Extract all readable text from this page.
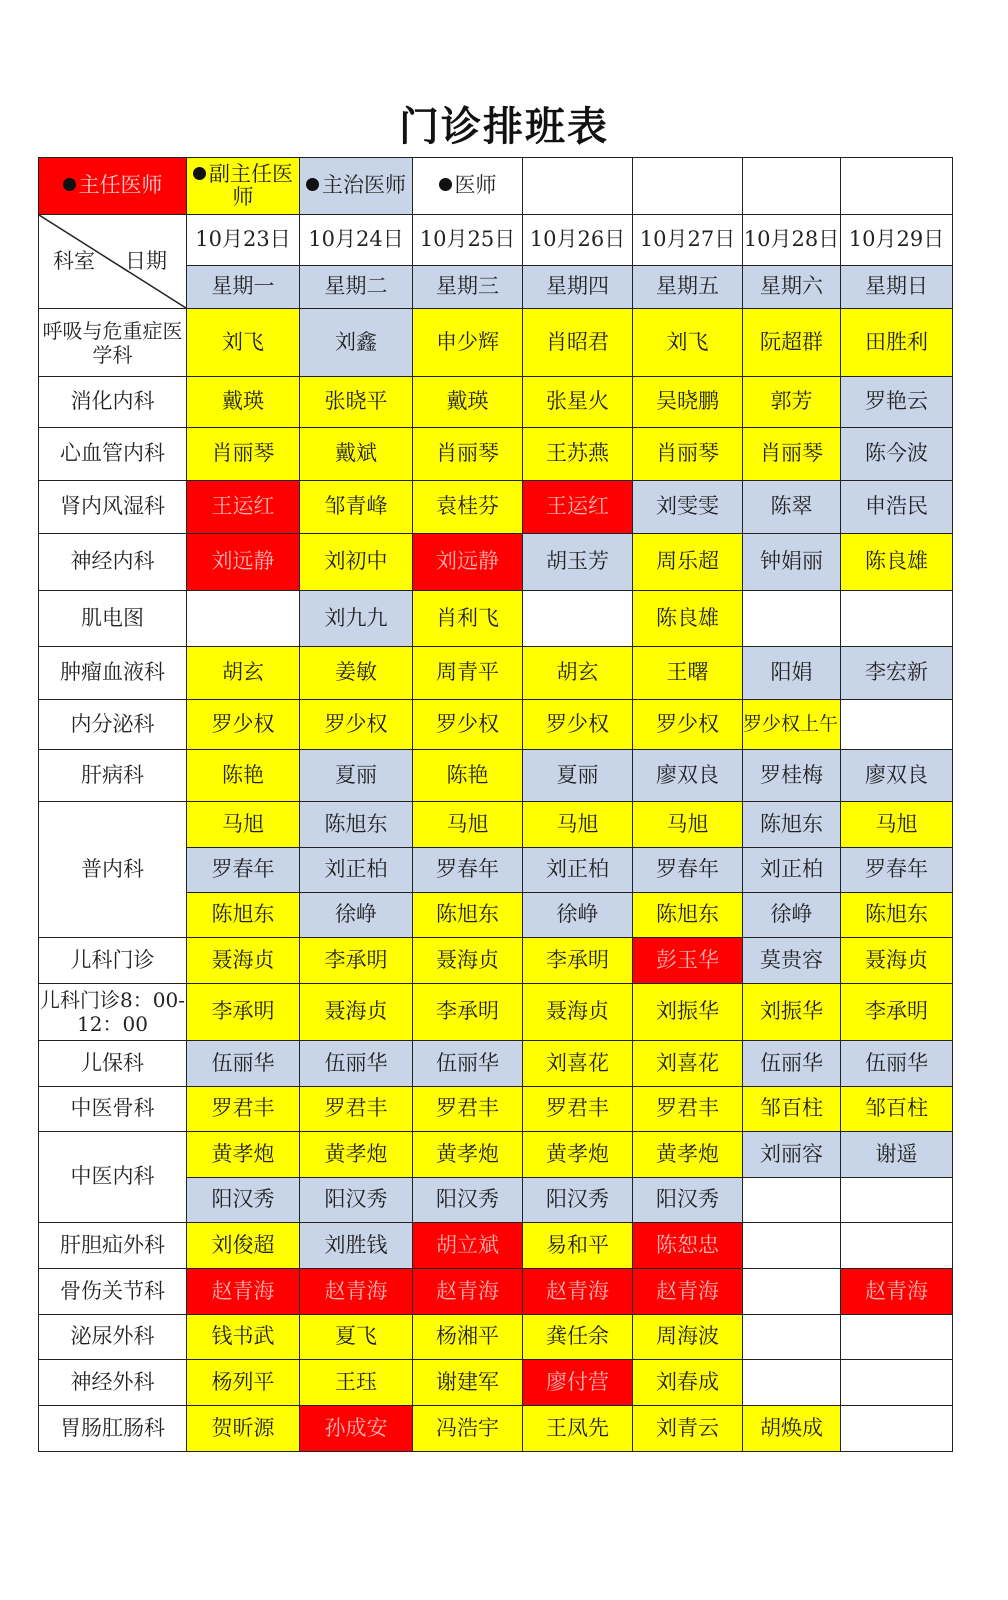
门诊排班表
主任医师	副主任医师	主治医师	医师				

科室 日期	10月23日	10月24日	10月25日	10月26日	10月27日	10月28日	10月29日
	星期一	星期二	星期三	星期四	星期五	星期六	星期日
呼吸与危重症医学科	刘飞	刘鑫	申少辉	肖昭君	刘飞	阮超群	田胜利
消化内科	戴瑛	张晓平	戴瑛	张星火	吴晓鹏	郭芳	罗艳云
心血管内科	肖丽琴	戴斌	肖丽琴	王苏燕	肖丽琴	肖丽琴	陈今波
肾内风湿科	王运红	邹青峰	袁桂芬	王运红	刘雯雯	陈翠	申浩民
神经内科	刘远静	刘初中	刘远静	胡玉芳	周乐超	钟娟丽	陈良雄
肌电图		刘九九	肖利飞		陈良雄		
肿瘤血液科	胡玄	姜敏	周青平	胡玄	王曙	阳娟	李宏新
内分泌科	罗少权	罗少权	罗少权	罗少权	罗少权	罗少权上午	
肝病科	陈艳	夏丽	陈艳	夏丽	廖双良	罗桂梅	廖双良
普内科	马旭	陈旭东	马旭	马旭	马旭	陈旭东	马旭
	罗春年	刘正柏	罗春年	刘正柏	罗春年	刘正柏	罗春年
	陈旭东	徐峥	陈旭东	徐峥	陈旭东	徐峥	陈旭东
儿科门诊	聂海贞	李承明	聂海贞	李承明	彭玉华	莫贵容	聂海贞
儿科门诊8：00-12：00	李承明	聂海贞	李承明	聂海贞	刘振华	刘振华	李承明
儿保科	伍丽华	伍丽华	伍丽华	刘喜花	刘喜花	伍丽华	伍丽华
中医骨科	罗君丰	罗君丰	罗君丰	罗君丰	罗君丰	邹百柱	邹百柱
中医内科	黄孝炮	黄孝炮	黄孝炮	黄孝炮	黄孝炮	刘丽容	谢遥
	阳汉秀	阳汉秀	阳汉秀	阳汉秀	阳汉秀		
肝胆疝外科	刘俊超	刘胜钱	胡立斌	易和平	陈恕忠		
骨伤关节科	赵青海	赵青海	赵青海	赵青海	赵青海		赵青海
泌尿外科	钱书武	夏飞	杨湘平	龚任余	周海波		
神经外科	杨列平	王珏	谢建军	廖付营	刘春成		
胃肠肛肠科	贺昕源	孙成安	冯浩宇	王凤先	刘青云	胡焕成	
